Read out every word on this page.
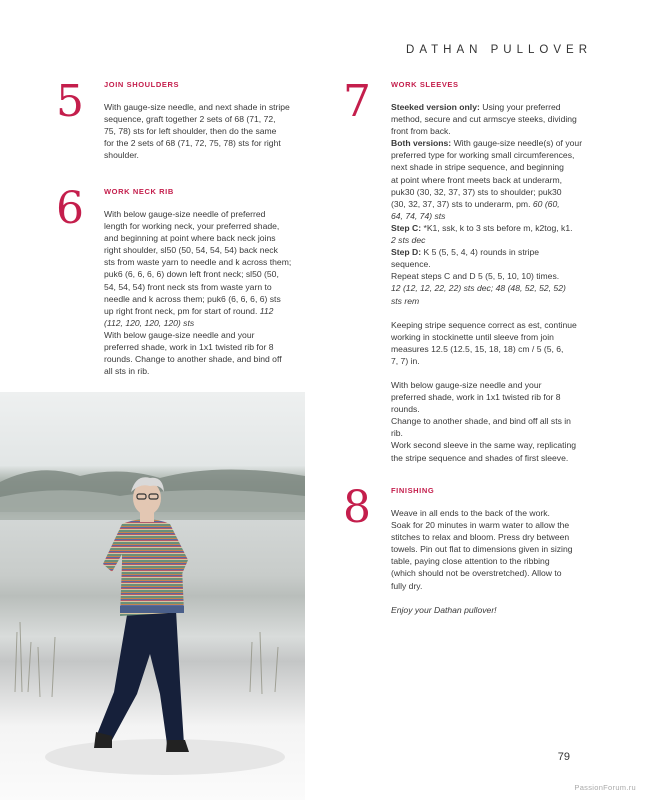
DATHAN PULLOVER
5	JOIN SHOULDERS

With gauge-size needle, and next shade in stripe

sequence, graft together 2 sets of 68 (71, 72,

75, 78) sts for left shoulder, then do the same

for the 2 sets of 68 (71, 72, 75, 78) sts for right

shoulder.

6	WORK NECK RIB

With below gauge-size needle of preferred

length for working neck, your preferred shade,

and beginning at point where back neck joins

right shoulder, sl50 (50, 54, 54, 54) back neck

sts from waste yarn to needle and k across them;

puk6 (6, 6, 6, 6) down left front neck; sl50 (50,

54, 54, 54) front neck sts from waste yarn to

needle and k across them; puk6 (6, 6, 6, 6) sts

up right front neck, pm for start of round. 112

(112, 120, 120, 120) sts

With below gauge-size needle and your

preferred shade, work in 1x1 twisted rib for 8

rounds. Change to another shade, and bind off

all sts in rib.

7	WORK SLEEVES

Steeked version only: Using your preferred

method, secure and cut armscye steeks, dividing

front from back.

Both versions: With gauge-size needle(s) of your

preferred type for working small circumferences,

next shade in stripe sequence, and beginning

at point where front meets back at underarm,

puk30 (30, 32, 37, 37) sts to shoulder; puk30

(30, 32, 37, 37) sts to underarm, pm. 60 (60,

64, 74, 74) sts

Step C: *K1, ssk, k to 3 sts before m, k2tog, k1.

2 sts dec

Step D: K 5 (5, 5, 4, 4) rounds in stripe

sequence.

Repeat steps C and D 5 (5, 5, 10, 10) times.

12 (12, 12, 22, 22) sts dec; 48 (48, 52, 52, 52)

sts rem

Keeping stripe sequence correct as est, continue

working in stockinette until sleeve from join

measures 12.5 (12.5, 15, 18, 18) cm / 5 (5, 6,

7, 7) in.

With below gauge-size needle and your

preferred shade, work in 1x1 twisted rib for 8

rounds.

Change to another shade, and bind off all sts in

rib.

Work second sleeve in the same way, replicating

the stripe sequence and shades of first sleeve.

8	FINISHING

Weave in all ends to the back of the work.

Soak for 20 minutes in warm water to allow the

stitches to relax and bloom. Press dry between

towels. Pin out flat to dimensions given in sizing

table, paying close attention to the ribbing

(which should not be overstretched). Allow to

fully dry.

Enjoy your Dathan pullover!

79
PassionForum.ru
